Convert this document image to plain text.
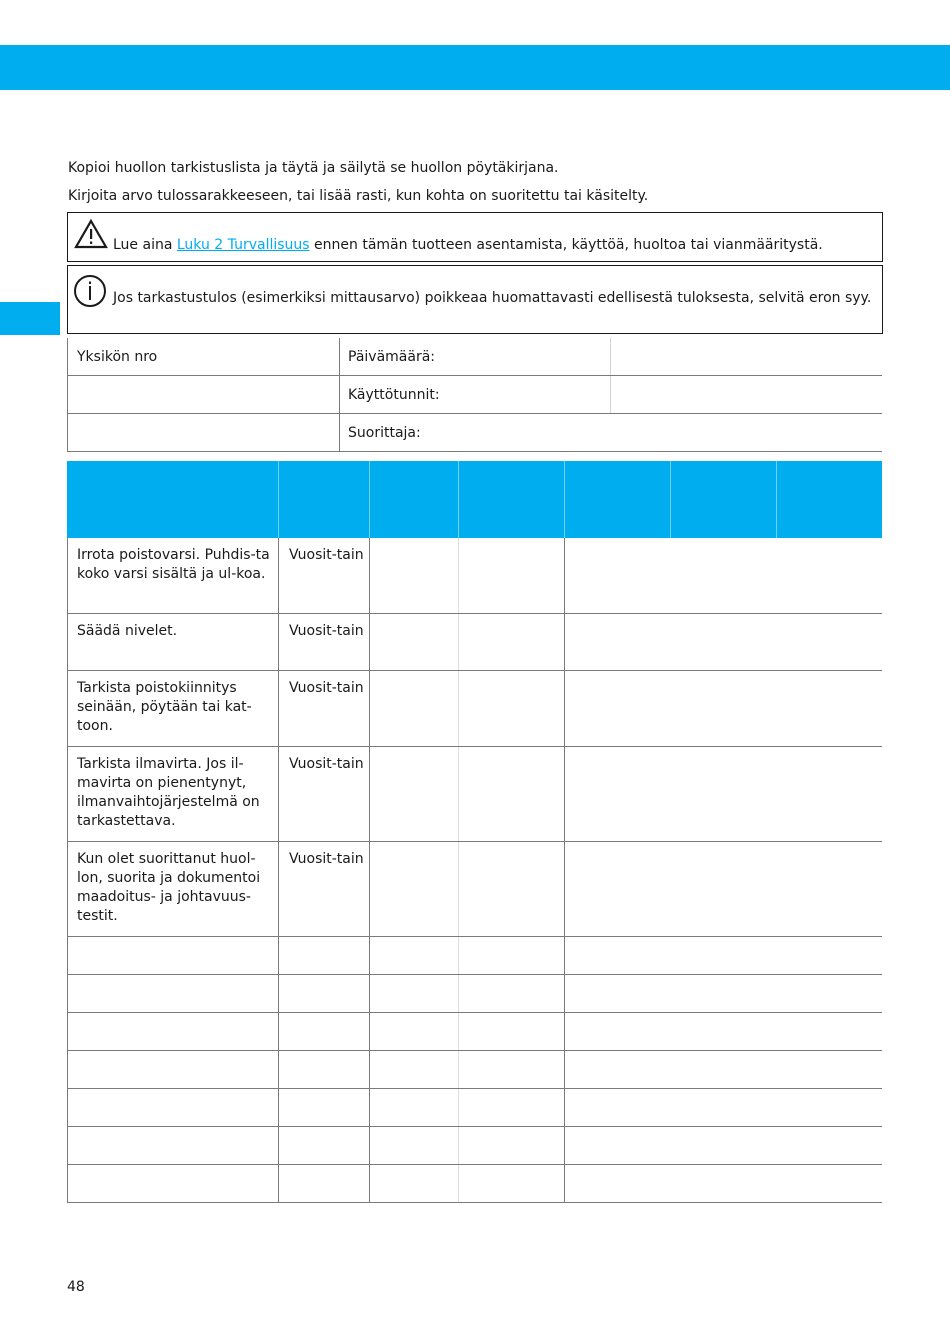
Kopioi huollon tarkistuslista ja täytä ja säilytä se huollon pöytäkirjana.

Kirjoita arvo tulossarakkeeseen, tai lisää rasti, kun kohta on suoritettu tai käsitelty.

Lue aina Luku 2 Turvallisuus ennen tämän tuotteen asentamista, käyttöä, huoltoa tai vianmääritystä.
Jos tarkastustulos (esimerkiksi mittausarvo) poikkeaa huomattavasti edellisestä tuloksesta, selvitä eron syy.
Yksikön nro	Päivämäärä:
Käyttötunnit:
Suorittaja:
Irrota poistovarsi. Puhdis-ta koko varsi sisältä ja ul-koa.
Vuosit-tain
Säädä nivelet.	Vuosit-tain
Tarkista poistokiinnitys seinään, pöytään tai kat-toon.
Vuosit-tain
Tarkista ilmavirta. Jos il-mavirta on pienentynyt, ilmanvaihtojärjestelmä on tarkastettava.
Vuosit-tain
Kun olet suorittanut huol-lon, suorita ja dokumentoi maadoitus- ja johtavuus-testit.
Vuosit-tain
48
